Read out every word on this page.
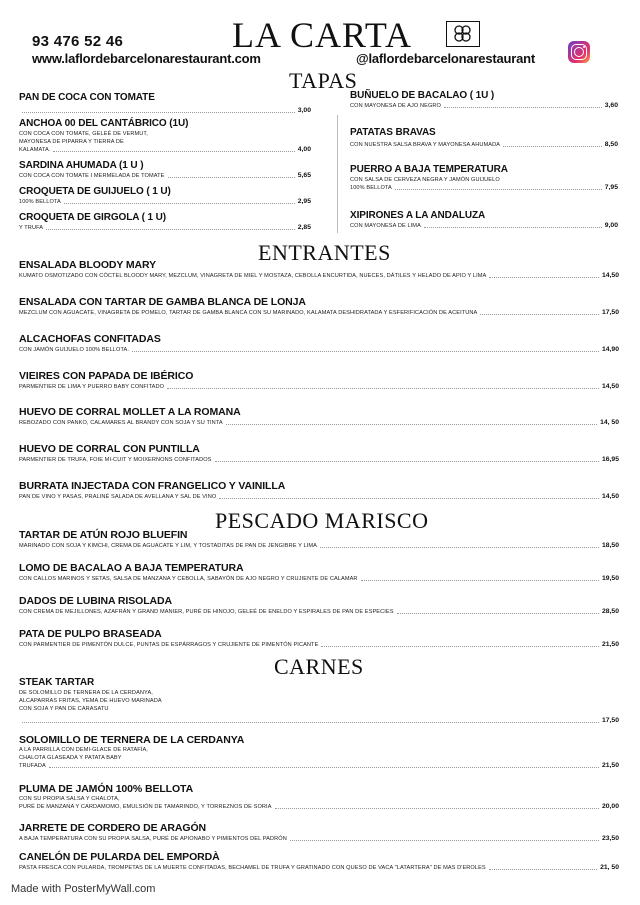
93 476 52 46
www.laflordebarcelonarestaurant.com
LA CARTA
@laflordebarcelonarestaurant
TAPAS
ENTRANTES
PESCADO MARISCO
CARNES
PAN DE COCA CON TOMATE
3,00
ANCHOA 00 DEL CANTÁBRICO (1U)
CON COCA CON TOMATE, GELEÉ DE VERMUT,
MAYONESA DE PIPARRA Y TIERRA DE
KALAMATA.	4,00
SARDINA AHUMADA (1 U )
CON COCA CON TOMATE I MERMELADA DE TOMATE	5,65
CROQUETA DE GUIJUELO ( 1 U)
100% BELLOTA	2,95
CROQUETA DE GIRGOLA ( 1 U)
Y TRUFA	2,85
BUÑUELO DE BACALAO ( 1U )
CON MAYONESA DE AJO NEGRO	3,60
PATATAS BRAVAS
CON NUESTRA SALSA BRAVA Y MAYONESA AHUMADA	8,50
PUERRO A BAJA TEMPERATURA
CON SALSA DE CERVEZA NEGRA Y JAMÓN GUIJUELO
100% BELLOTA	7,95
XIPIRONES A LA ANDALUZA
CON MAYONESA DE LIMA	9,00
ENSALADA BLOODY MARY
KUMATO OSMOTIZADO CON CÓCTEL BLOODY MARY, MEZCLUM, VINAGRETA DE MIEL Y MOSTAZA, CEBOLLA ENCURTIDA, NUECES, DÁTILES Y HELADO DE APIO Y LIMA	14,50
ENSALADA CON TARTAR DE GAMBA BLANCA DE LONJA
MEZCLUM CON AGUACATE, VINAGRETA DE POMELO, TARTAR DE GAMBA BLANCA CON SU MARINADO, KALAMATA DESHIDRATADA Y ESFERIFICACIÓN DE ACEITUNA	17,50
ALCACHOFAS CONFITADAS
CON JAMÓN GUIJUELO 100% BELLOTA.	14,90
VIEIRES CON PAPADA DE IBÉRICO
PARMENTIER DE LIMA Y PUERRO BABY CONFITADO	14,50
HUEVO DE CORRAL MOLLET A LA ROMANA
REBOZADO CON PANKO, CALAMARES AL BRANDY CON SOJA Y SU TINTA	14, 50
HUEVO DE CORRAL CON PUNTILLA
PARMENTIER DE TRUFA, FOIE MI-CUIT Y MOIXERNONS CONFITADOS	16,95
BURRATA INJECTADA CON FRANGELICO Y VAINILLA
PAN DE VINO Y PASAS, PRALINÉ SALADA DE AVELLANA Y SAL DE VINO	14,50
TARTAR DE ATÚN ROJO BLUEFIN
MARINADO CON SOJA Y KIMCHI, CREMA DE AGUACATE Y LIM, Y TOSTADITAS DE PAN DE JENGIBRE Y LIMA	18,50
LOMO DE BACALAO A BAJA TEMPERATURA
CON CALLOS MARINOS Y SETAS, SALSA DE MANZANA Y CEBOLLA, SABAYÓN DE AJO NEGRO Y CRUJIENTE DE CALAMAR	19,50
DADOS DE LUBINA RISOLADA
CON CREMA DE MEJILLONES, AZAFRÁN Y GRAND MANIER, PURÉ DE HINOJO, GELEÉ DE ENELDO Y ESPIRALES DE PAN DE ESPECIES	28,50
PATA DE PULPO BRASEADA
CON PARMENTIER DE PIMENTÓN DULCE, PUNTAS DE ESPÁRRAGOS Y CRUJIENTE DE PIMENTÓN PICANTE	21,50
STEAK TARTAR
DE SOLOMILLO DE TERNERA DE LA CERDANYA,
ALCAPARRAS FRITAS, YEMA DE HUEVO MARINADA
CON SOJA Y PAN DE CARASATU
17,50
SOLOMILLO DE TERNERA DE LA CERDANYA
A LA PARRILLA CON DEMI-GLACE DE RATAFÍA,
CHALOTA GLASEADA Y PATATA BABY
TRUFADA	21,50
PLUMA DE JAMÓN 100% BELLOTA
CON SU PROPIA SALSA Y CHALOTA,
PURÉ DE MANZANA Y CARDAMOMO, EMULSIÓN DE TAMARINDO, Y TORREZNOS DE SORIA	20,00
JARRETE DE CORDERO DE ARAGÓN
A BAJA TEMPERATURA CON SU PROPIA SALSA, PURÉ DE APIONABO Y PIMIENTOS DEL PADRÓN	23,50
CANELÓN DE PULARDA DEL EMPORDÀ
PASTA FRESCA CON PULARDA, TROMPETAS DE LA MUERTE CONFITADAS, BECHAMEL DE TRUFA Y GRATINADO CON QUESO DE VACA "LATARTERA" DE MAS D'EROLES	21, 50
Made with PosterMyWall.com
